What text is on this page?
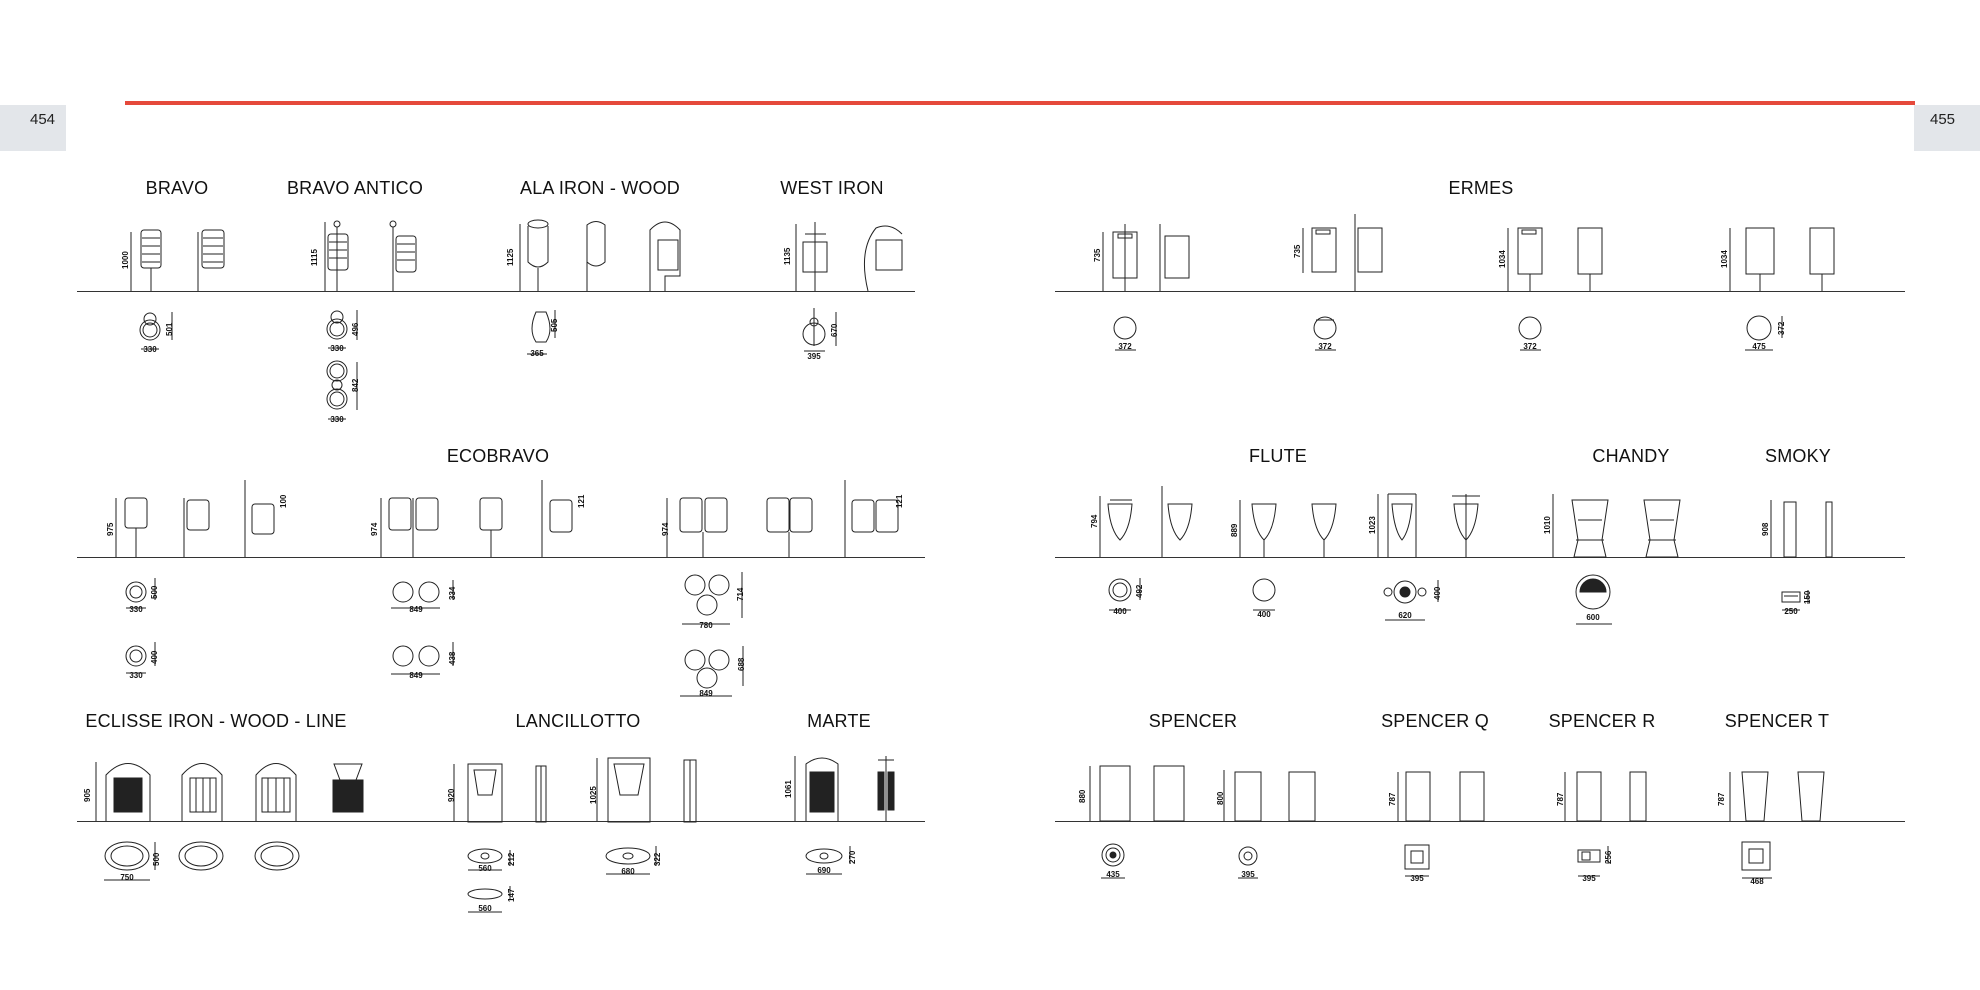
454	455
BRAVO	BRAVO ANTICO	ALA IRON - WOOD	WEST IRON	ERMES
ECOBRAVO	FLUTE	CHANDY	SMOKY
ECLISSE IRON - WOOD - LINE	LANCILLOTTO	MARTE	SPENCER	SPENCER Q	SPENCER R	SPENCER T
1000
501
330
1115
496
330
842
330
1125
505
365
1135
670
395
735
372
735
372
1034
372
1034
372
475
975
100
500
330
400
330
974
121
334
849
438
849
974
121
714
780
688
849
794
492
400
889
400
1023
400
620
1010
600
908
150
250
905
500
750
920
212
560
147
560
1025
322
680
1061
270
690
880
435
800
395
787
395
787
256
395
787
468
